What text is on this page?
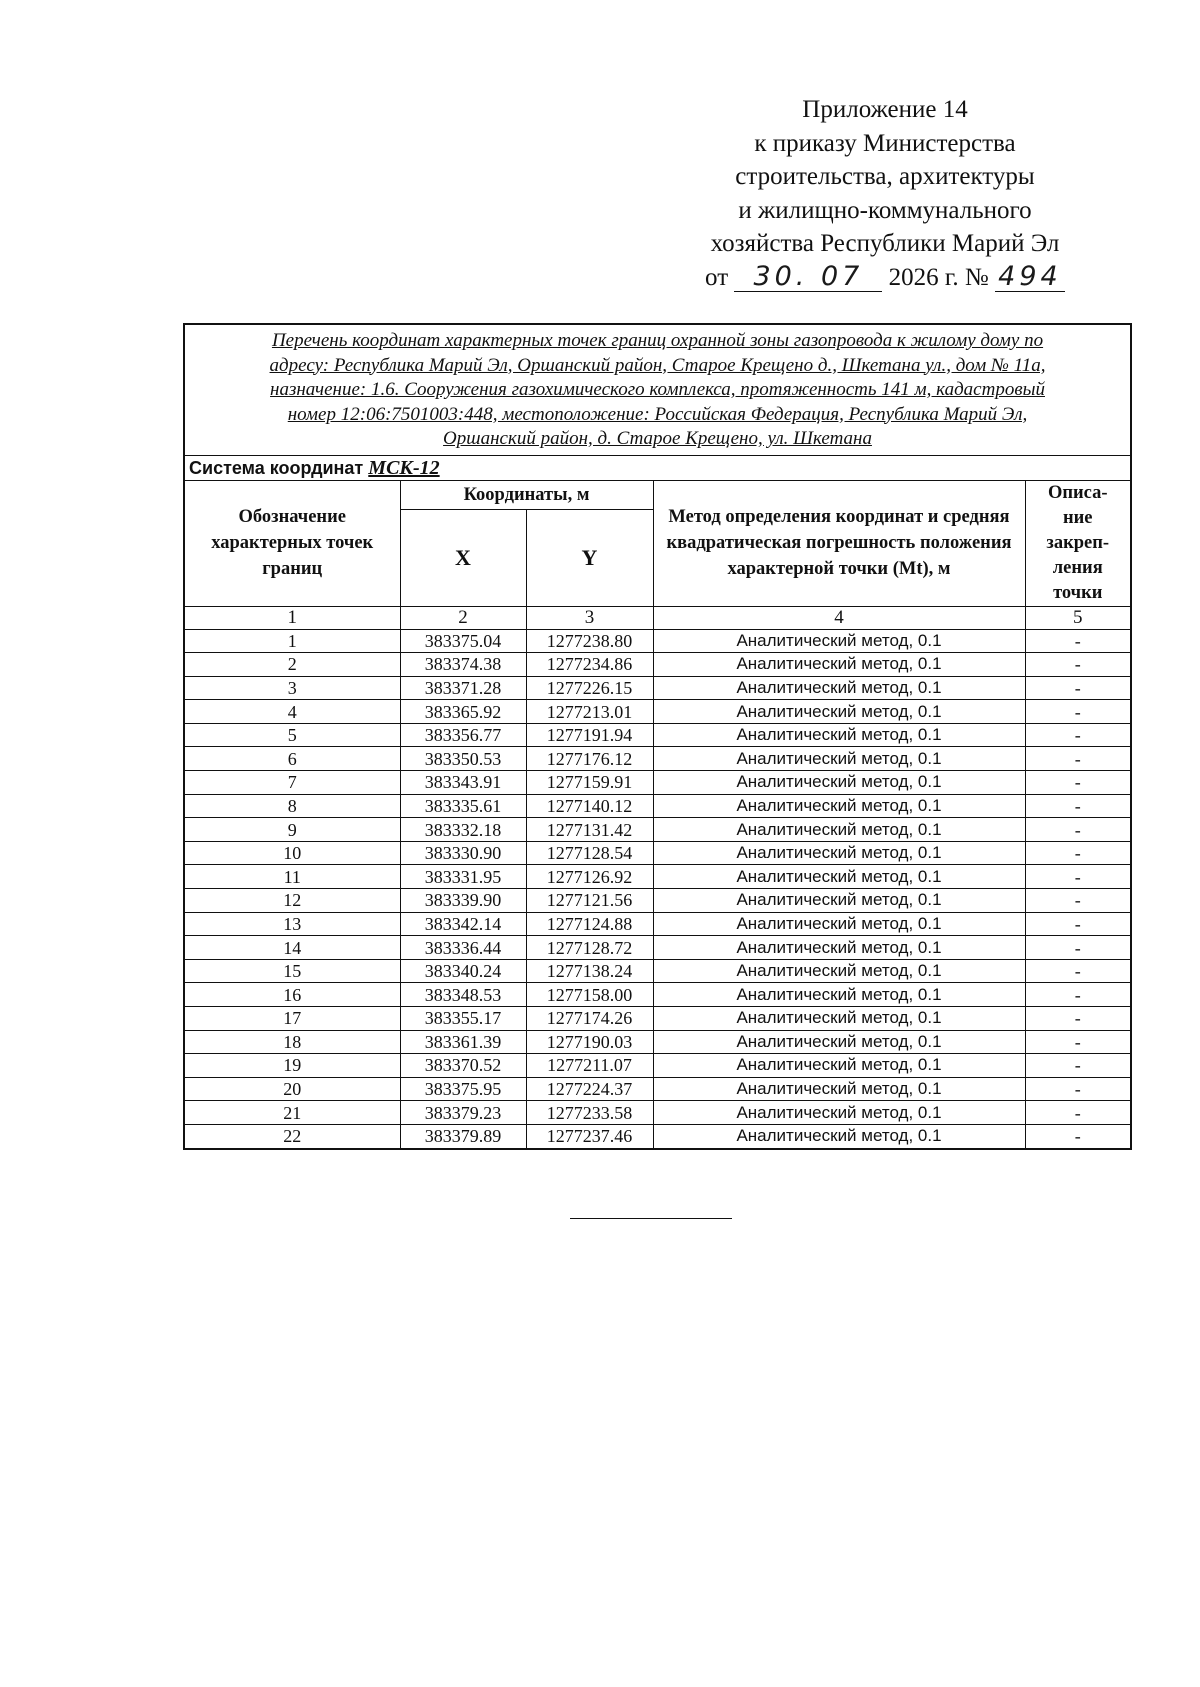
Приложение 14
к приказу Министерства
строительства, архитектуры
и жилищно-коммунального
хозяйства Республики Марий Эл
от 30. 07 2026 г. № 494
Перечень координат характерных точек границ охранной зоны газопровода к жилому дому по
адресу: Республика Марий Эл, Оршанский район, Старое Крещено д., Шкетана ул., дом № 11а,
назначение: 1.6. Сооружения газохимического комплекса, протяженность 141 м, кадастровый
номер 12:06:7501003:448, местоположение: Российская Федерация, Республика Марий Эл,
Оршанский район, д. Старое Крещено, ул. Шкетана				

Система координат МСК-12				
Обозначение характерных точек границ	Координаты, м		Метод определения координат и средняя квадратическая погрешность положения характерной точки (Mt), м	Описа-
ние
закреп-
ления
точки
	X	Y		
1	2	3	4	5
1	383375.04	1277238.80	Аналитический метод, 0.1	-
2	383374.38	1277234.86	Аналитический метод, 0.1	-
3	383371.28	1277226.15	Аналитический метод, 0.1	-
4	383365.92	1277213.01	Аналитический метод, 0.1	-
5	383356.77	1277191.94	Аналитический метод, 0.1	-
6	383350.53	1277176.12	Аналитический метод, 0.1	-
7	383343.91	1277159.91	Аналитический метод, 0.1	-
8	383335.61	1277140.12	Аналитический метод, 0.1	-
9	383332.18	1277131.42	Аналитический метод, 0.1	-
10	383330.90	1277128.54	Аналитический метод, 0.1	-
11	383331.95	1277126.92	Аналитический метод, 0.1	-
12	383339.90	1277121.56	Аналитический метод, 0.1	-
13	383342.14	1277124.88	Аналитический метод, 0.1	-
14	383336.44	1277128.72	Аналитический метод, 0.1	-
15	383340.24	1277138.24	Аналитический метод, 0.1	-
16	383348.53	1277158.00	Аналитический метод, 0.1	-
17	383355.17	1277174.26	Аналитический метод, 0.1	-
18	383361.39	1277190.03	Аналитический метод, 0.1	-
19	383370.52	1277211.07	Аналитический метод, 0.1	-
20	383375.95	1277224.37	Аналитический метод, 0.1	-
21	383379.23	1277233.58	Аналитический метод, 0.1	-
22	383379.89	1277237.46	Аналитический метод, 0.1	-
